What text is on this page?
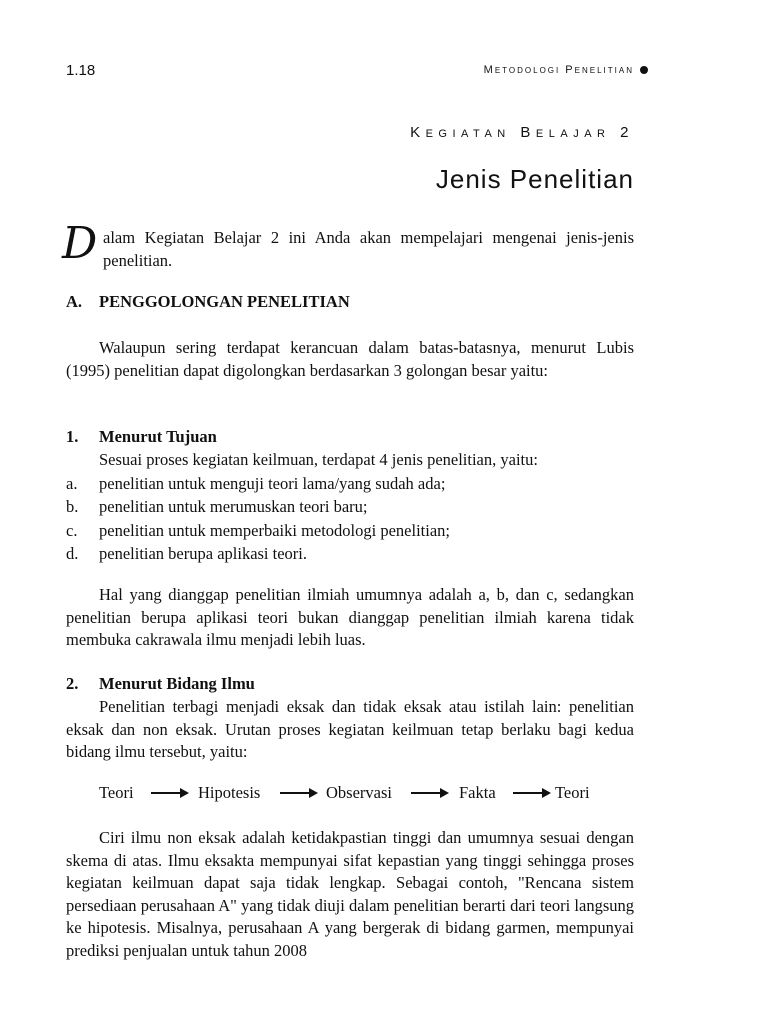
1.18	Metodologi Penelitian
Kegiatan Belajar 2
Jenis Penelitian
D alam Kegiatan Belajar 2 ini Anda akan mempelajari mengenai jenis-jenis penelitian.
A. PENGGOLONGAN PENELITIAN
Walaupun sering terdapat kerancuan dalam batas-batasnya, menurut Lubis (1995) penelitian dapat digolongkan berdasarkan 3 golongan besar yaitu:
1. Menurut Tujuan
Sesuai proses kegiatan keilmuan, terdapat 4 jenis penelitian, yaitu:
a. penelitian untuk menguji teori lama/yang sudah ada;
b. penelitian untuk merumuskan teori baru;
c. penelitian untuk memperbaiki metodologi penelitian;
d. penelitian berupa aplikasi teori.
Hal yang dianggap penelitian ilmiah umumnya adalah a, b, dan c, sedangkan penelitian berupa aplikasi teori bukan dianggap penelitian ilmiah karena tidak membuka cakrawala ilmu menjadi lebih luas.
2. Menurut Bidang Ilmu
Penelitian terbagi menjadi eksak dan tidak eksak atau istilah lain: penelitian eksak dan non eksak. Urutan proses kegiatan keilmuan tetap berlaku bagi kedua bidang ilmu tersebut, yaitu:
Teori	Hipotesis	Observasi	Fakta	Teori
Ciri ilmu non eksak adalah ketidakpastian tinggi dan umumnya sesuai dengan skema di atas. Ilmu eksakta mempunyai sifat kepastian yang tinggi sehingga proses kegiatan keilmuan dapat saja tidak lengkap. Sebagai contoh, "Rencana sistem persediaan perusahaan A" yang tidak diuji dalam penelitian berarti dari teori langsung ke hipotesis. Misalnya, perusahaan A yang bergerak di bidang garmen, mempunyai prediksi penjualan untuk tahun 2008
